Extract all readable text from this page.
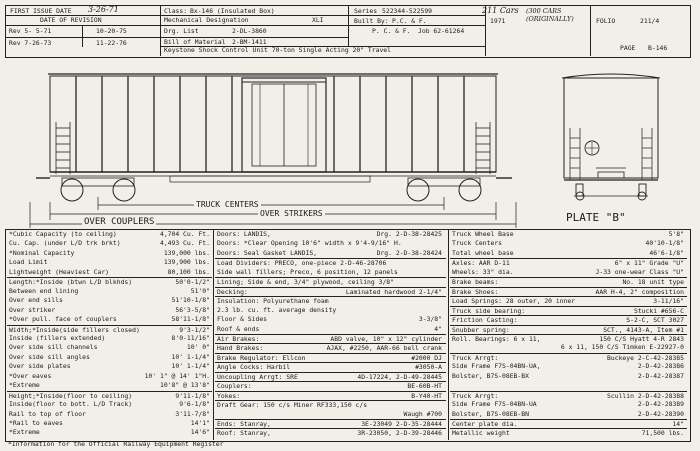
FIRST ISSUE DATE 3-26-71
DATE OF REVISION
Rev 5- 5-71	10-20-75
Rev 7-26-73	11-22-76
Class: Bx-146 (Insulated Box)
Mechanical Designation	XLI
Drg. List	2-DL-3860
Bill of Material 2-BM-1411
Keystone Shock Control Unit 70-ton Single Acting 20" Travel
Series 522344-522599	211 Cars (300 CARS (ORIGINALLY)
Built By: P.C. & F.	1971
P. C. & F. Job 62-61264
FOLIO	211/4
PAGE B-146
TRUCK CENTERS
OVER STRIKERS
OVER COUPLERS	PLATE "B"
*Cubic Capacity (to ceiling)	4,704 Cu. Ft.
Cu. Cap. (under L/D trk brkt)	4,493 Cu. Ft.
*Nominal Capacity	139,000 lbs.
Load Limit	139,900 lbs.
Lightweight (Heaviest Car)	80,100 lbs.
Length:*Inside (btwn L/D blkhds)	50'0-1/2"
Between end lining	51'0"
Over end sills	51'10-1/8"
Over striker	56'3-5/8"
*Over pull. face of couplers	58'11-1/8"
Width;*Inside(side fillers closed)	9'3-1/2"
Inside (fillers extended)	8'0-11/16"
Over side sill channels	10' 0"
Over side sill angles	10' 1-1/4"
Over side plates	10' 1-1/4"
*Over eaves	10' 1" @ 14' 1"H.
*Extreme	10'8" @ 13'8"
Height;*Inside(floor to ceiling)	9'11-1/8"
Inside(floor to bott. L/D Track)	9'6-1/8"
Rail to top of floor	3'11-7/8"
*Rail to eaves	14'1"
*Extreme	14'6"
Doors: LANDIS,	Drg. 2-D-38-28425
Doors: *Clear Opening 10'6" width x 9'4-9/16" H.
Doors: Seal Gasket LANDIS,	Drg. 2-D-38-28424
Load Dividers: PRECO, one-piece 2-D-46-28706
Side wall fillers; Preco, 6 position, 12 panels
Lining; Side & end, 3/4" plywood, ceiling 3/8"
Decking:	Laminated hardwood 2-1/4"
Insulation: Polyurethane foam
2.3 lb. cu. ft. average density
Floor & Sides	3-3/8"
Roof & ends	4"
Air Brakes:	ABD valve, 10" x 12" cylinder
Hand Brakes:	AJAX, #2250, AAR-66 bell crank
Brake Regulator: Ellcon	#2000 DJ
Angle Cocks: Harbil	#3050-A
Uncoupling Arrgt: SRE	4D-17224, 2-D-49-28445
Couplers:	BE-60B-HT
Yokes:	B-Y40-HT
Draft Gear: 150 c/s Miner RF333,150 c/s
Waugh #700
Ends: Stanray,	3E-23049 2-D-35-28444
Roof: Stanray,	3R-23050, 2-D-39-28446
Truck Wheel Base	5'8"
Truck Centers	40'10-1/8"
Total wheel base	46'6-1/8"
Axles: AAR D-11	6" x 11" Grade "U"
Wheels: 33" dia.	J-33 one-wear Class "U"
Brake beams:	No. 18 unit type
Brake Shoes:	AAR H-4, 2" composition
Load Springs: 28 outer, 20 inner	3-11/16"
Truck side bearing:	Stucki #656-C
Friction Casting:	S-2-C, SCT 3027
Snubber spring:	SCT., 4143-A, Item #1
Roll. Bearings: 6 x 11,	150 C/S Hyatt 4-R 2843
6 x 11, 150 C/S Timken E-22927-0
Truck Arrgt:	Buckeye 2-C-42-28385
Side Frame F7S-04BN-UA,	2-D-42-28386
Bolster, B7S-08EB-BX	2-D-42-28387
Truck Arrgt:	Scullin 2-D-42-28388
Side Frame F7S-04BN-UA	2-D-42-28389
Bolster, B7S-08EB-BN	2-D-42-28390
Center plate dia.	14"
Metallic weight	71,500 lbs.
*Information for the Official Railway Equipment Register
